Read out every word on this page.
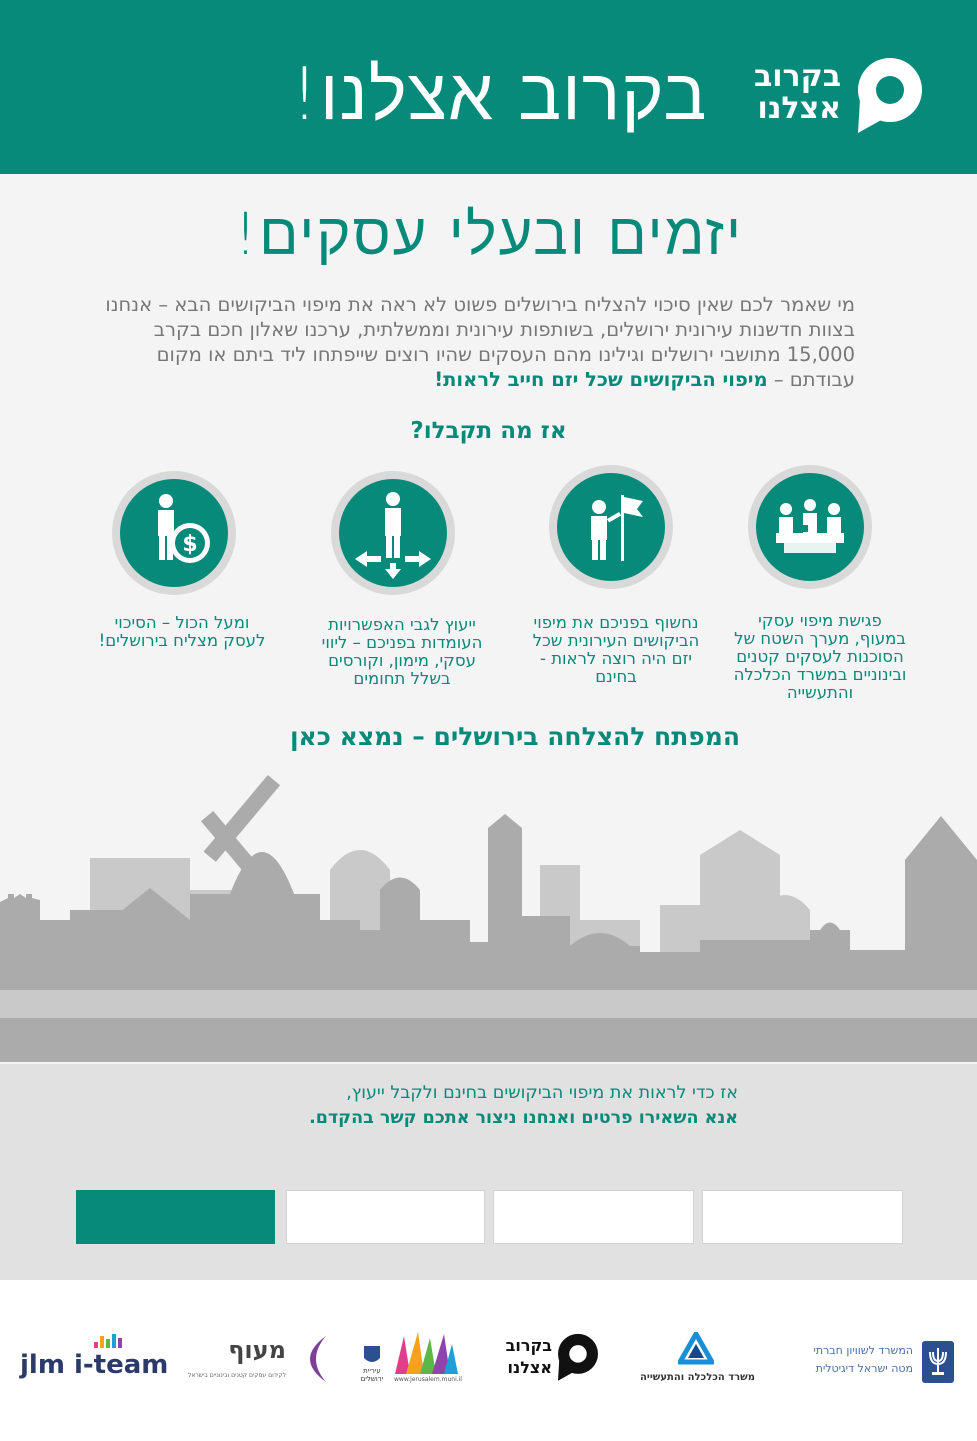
בקרוב אצלנו! בקרוב
אצלנו
יזמים ובעלי עסקים!
מי שאמר לכם שאין סיכוי להצליח בירושלים פשוט לא ראה את מיפוי הביקושים הבא – אנחנו בצוות חדשנות עירונית ירושלים, בשותפות עירונית וממשלתית, ערכנו שאלון חכם בקרב 15,000 מתושבי ירושלים וגילינו מהם העסקים שהיו רוצים שייפתחו ליד ביתם או מקום עבודתם – מיפוי הביקושים שכל יזם חייב לראות!
אז מה תקבלו?
פגישת מיפוי עסקי במעוף, מערך השטח של הסוכנות לעסקים קטנים ובינוניים במשרד הכלכלה והתעשייה
נחשוף בפניכם את מיפוי הביקושים העירונית שכל יזם היה רוצה לראות - בחינם
ייעוץ לגבי האפשרויות העומדות בפניכם – ליווי עסקי, מימון, וקורסים בשלל תחומים
$
ומעל הכול – הסיכוי לעסק מצליח בירושלים!
המפתח להצלחה בירושלים – נמצא כאן
אז כדי לראות את מיפוי הביקושים בחינם ולקבל ייעוץ,
אנא השאירו פרטים ואנחנו ניצור אתכם קשר בהקדם.
המשרד לשוויון חברתי
מטה ישראל דיגיטלית
משרד הכלכלה והתעשייה
בקרוב
אצלנו
עיריית ירושלים	www.jerusalem.muni.il
מעוף
לקידום עסקים קטנים ובינוניים בישראל
jlm i-team
